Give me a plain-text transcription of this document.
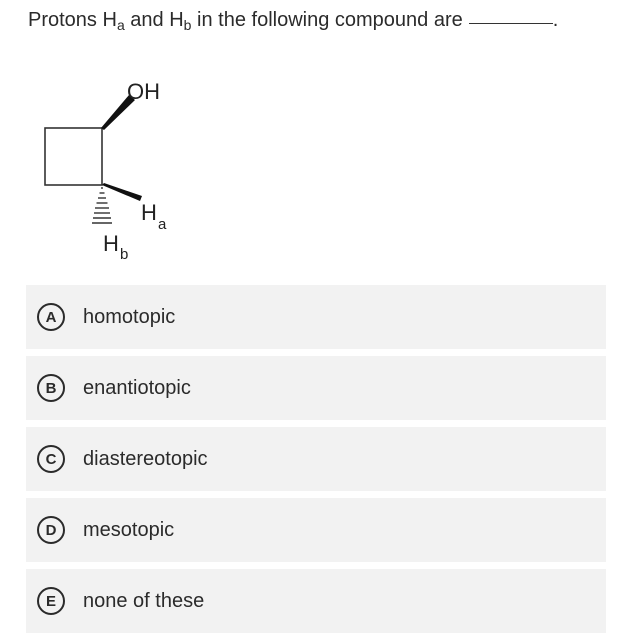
Protons $H_a$ and $H_b$ in the following compound are	.
OH
H a
H b
A	homotopic
B	enantiotopic
C	diastereotopic
D	mesotopic
E	none of these
